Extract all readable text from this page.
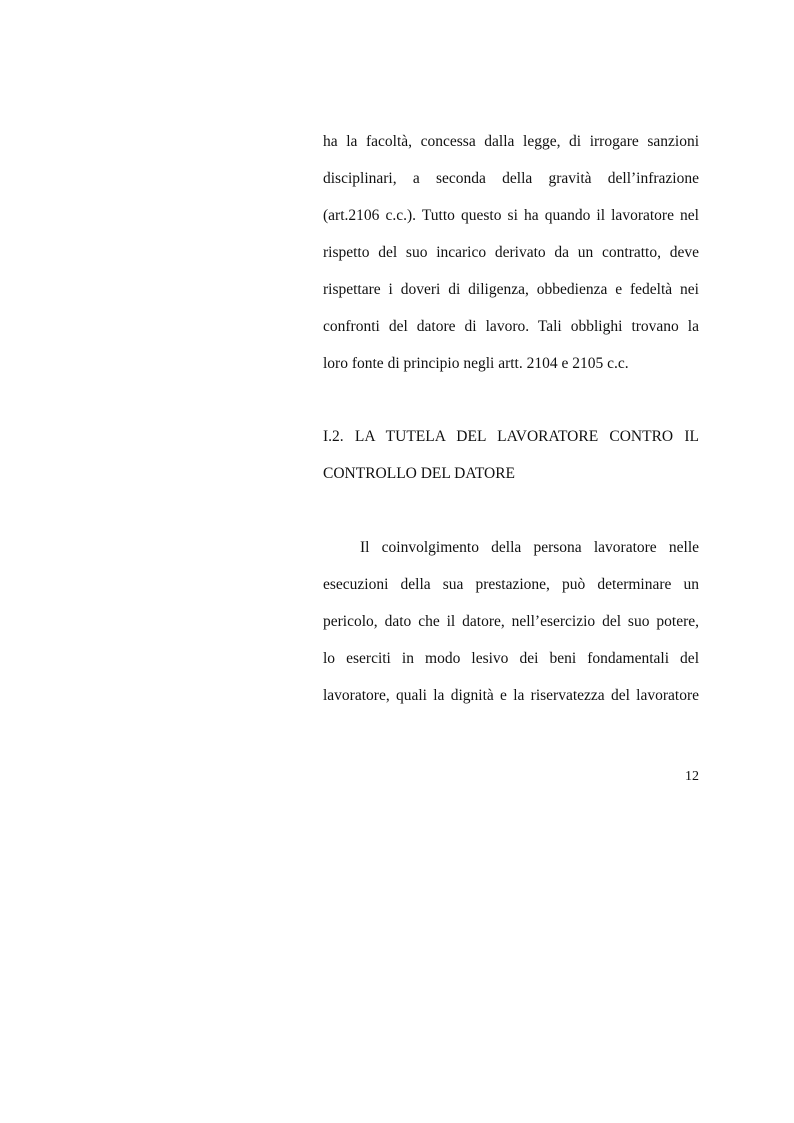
ha la facoltà, concessa dalla legge, di irrogare sanzioni
disciplinari, a seconda della gravità dell’infrazione
(art.2106 c.c.). Tutto questo si ha quando il lavoratore nel
rispetto del suo incarico derivato da un contratto, deve
rispettare i doveri di diligenza, obbedienza e fedeltà nei
confronti del datore di lavoro. Tali obblighi trovano la
loro fonte di principio negli artt. 2104 e 2105 c.c.
I.2. LA TUTELA DEL LAVORATORE CONTRO IL
CONTROLLO DEL DATORE
Il coinvolgimento della persona lavoratore nelle
esecuzioni della sua prestazione, può determinare un
pericolo, dato che il datore, nell’esercizio del suo potere,
lo eserciti in modo lesivo dei beni fondamentali del
lavoratore, quali la dignità e la riservatezza del lavoratore
12
